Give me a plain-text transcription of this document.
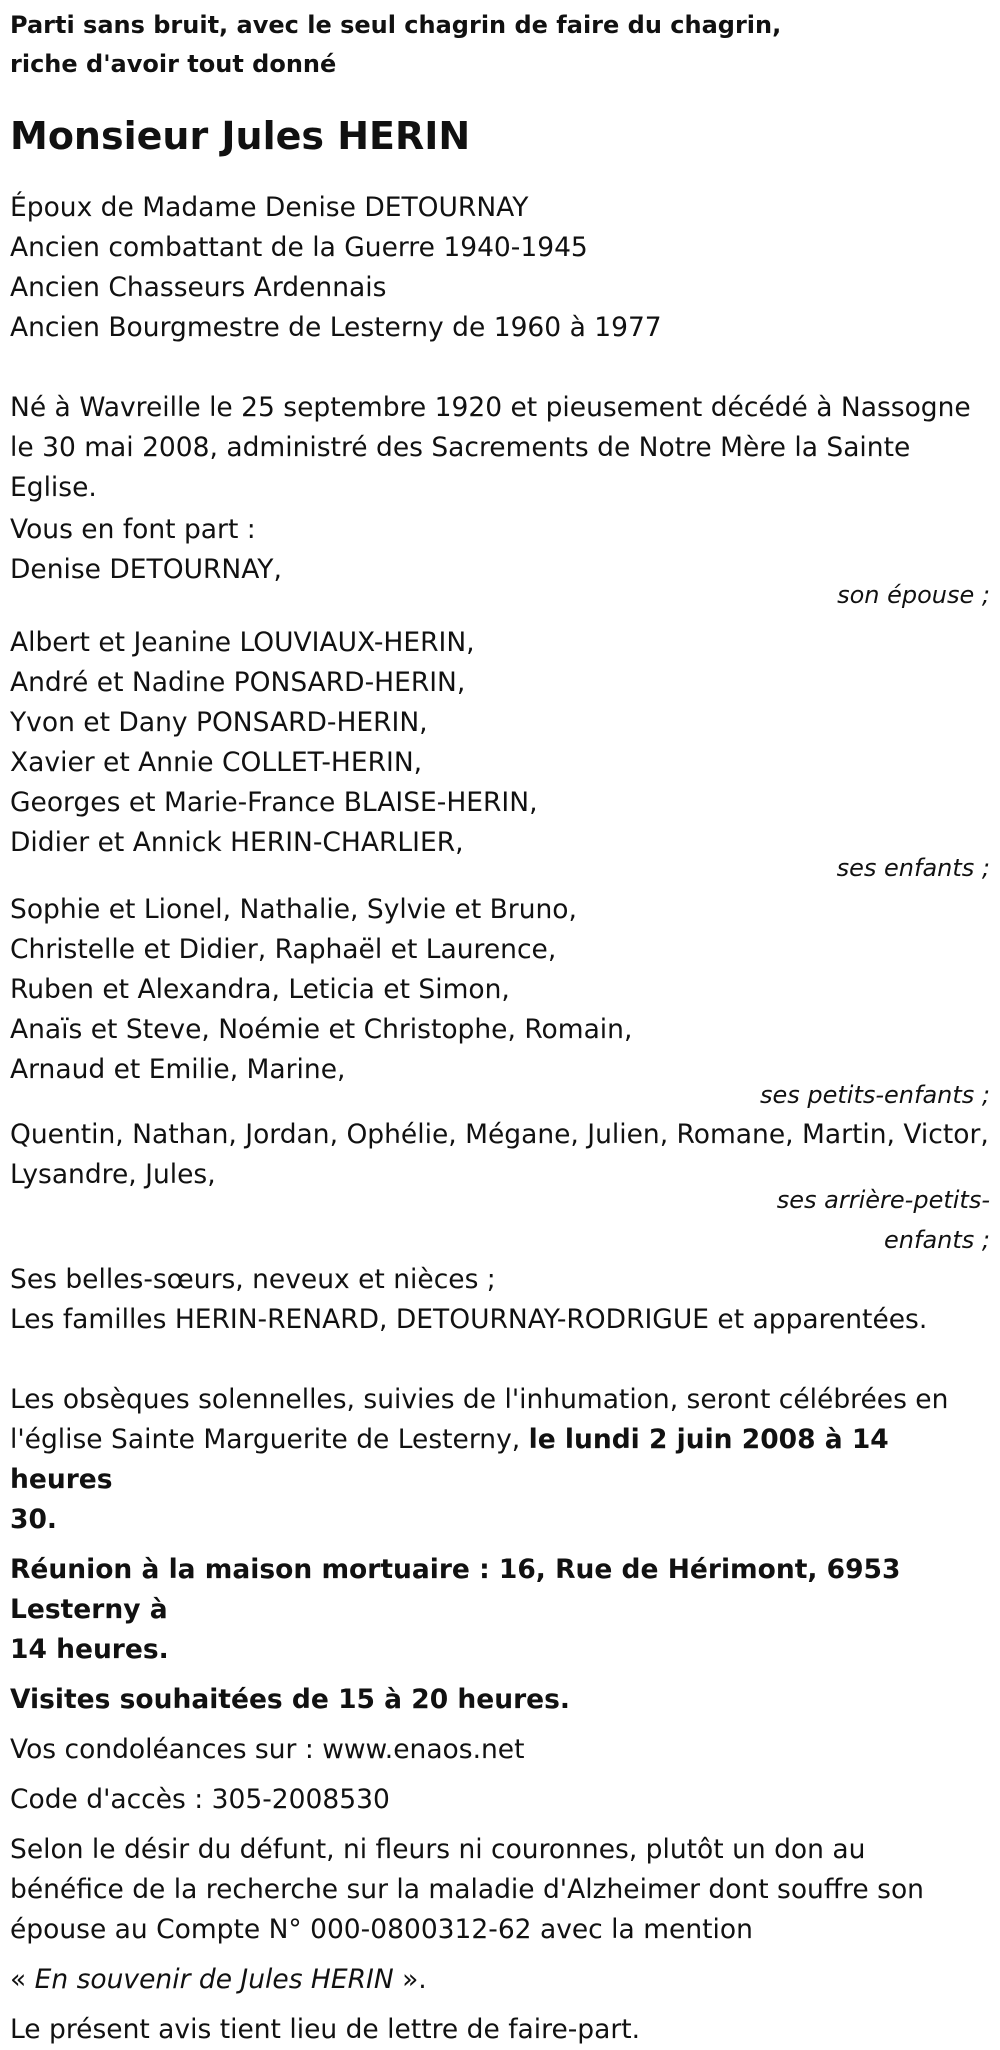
Parti sans bruit, avec le seul chagrin de faire du chagrin,
riche d'avoir tout donné

Monsieur Jules HERIN

Époux de Madame Denise DETOURNAY
Ancien combattant de la Guerre 1940-1945
Ancien Chasseurs Ardennais
Ancien Bourgmestre de Lesterny de 1960 à 1977

Né à Wavreille le 25 septembre 1920 et pieusement décédé à Nassogne
le 30 mai 2008, administré des Sacrements de Notre Mère la Sainte
Eglise.

Vous en font part :
Denise DETOURNAY,

son épouse ;

Albert et Jeanine LOUVIAUX-HERIN,
André et Nadine PONSARD-HERIN,
Yvon et Dany PONSARD-HERIN,
Xavier et Annie COLLET-HERIN,
Georges et Marie-France BLAISE-HERIN,
Didier et Annick HERIN-CHARLIER,

ses enfants ;

Sophie et Lionel, Nathalie, Sylvie et Bruno,
Christelle et Didier, Raphaël et Laurence,
Ruben et Alexandra, Leticia et Simon,
Anaïs et Steve, Noémie et Christophe, Romain,
Arnaud et Emilie, Marine,

ses petits-enfants ;

Quentin, Nathan, Jordan, Ophélie, Mégane, Julien, Romane, Martin, Victor,
Lysandre, Jules,

ses arrière-petits-
enfants ;

Ses belles-sœurs, neveux et nièces ;
Les familles HERIN-RENARD, DETOURNAY-RODRIGUE et apparentées.

Les obsèques solennelles, suivies de l'inhumation, seront célébrées en
l'église Sainte Marguerite de Lesterny, le lundi 2 juin 2008 à 14 heures
30.

Réunion à la maison mortuaire : 16, Rue de Hérimont, 6953 Lesterny à
14 heures.

Visites souhaitées de 15 à 20 heures.

Vos condoléances sur : www.enaos.net

Code d'accès : 305-2008530

Selon le désir du défunt, ni fleurs ni couronnes, plutôt un don au
bénéfice de la recherche sur la maladie d'Alzheimer dont souffre son
épouse au Compte N° 000-0800312-62 avec la mention

« En souvenir de Jules HERIN ».

Le présent avis tient lieu de lettre de faire-part.
